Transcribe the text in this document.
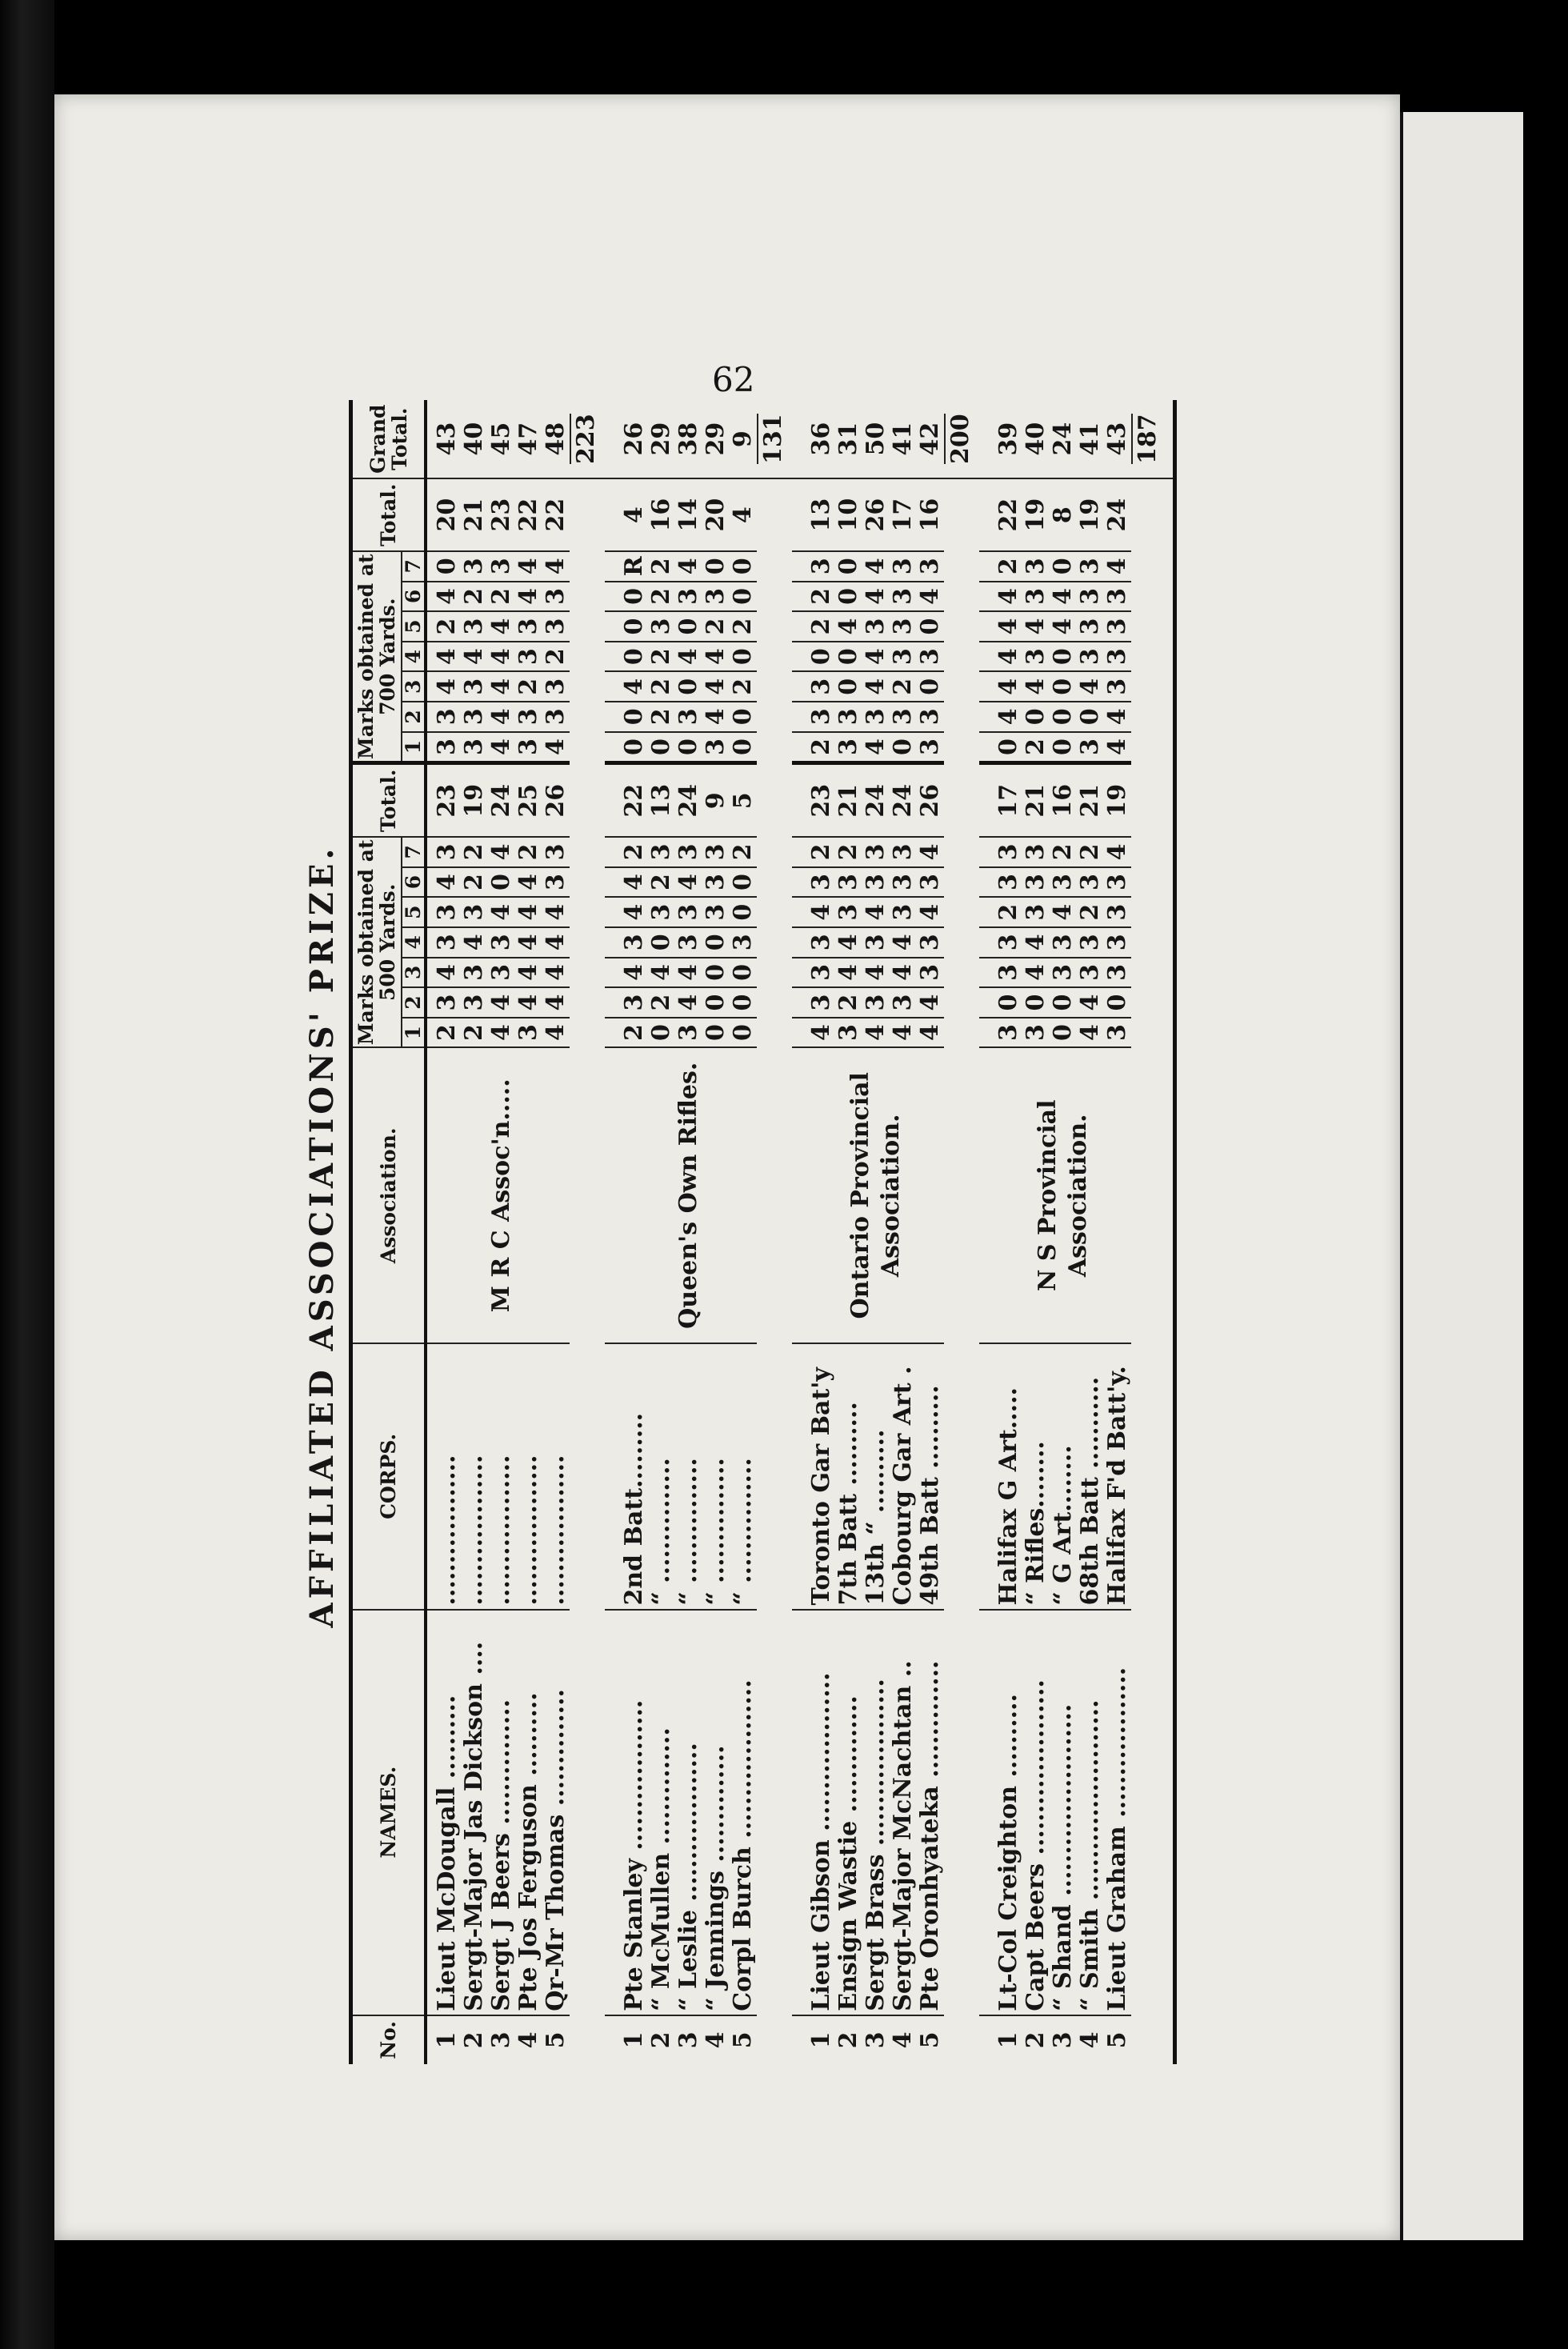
62
AFFILIATED ASSOCIATIONS' PRIZE.
No.	NAMES.	CORPS.	Association.	Marks obtained at 500 Yards.							Total.	Marks obtained at 700 Yards.							Total.	Grand Total.
				1	2	3	4	5	6	7		1	2	3	4	5	6	7		
1	Lieut McDougall ..........	..................	M R C Assoc'n.....	2	3	4	3	3	4	3	23	3	3	4	4	2	4	0	20	43
2	Sergt-Major Jas Dickson ....	..................		2	3	3	4	3	2	2	19	3	3	3	4	3	2	3	21	40
3	Sergt J Beers ...............	..................		4	4	3	3	4	0	4	24	4	4	4	4	4	2	3	23	45
4	Pte Jos Ferguson ..........	..................		3	4	4	4	4	4	2	25	3	3	2	3	3	4	4	22	47
5	Qr-Mr Thomas ..............	..................		4	4	4	4	4	3	3	26	4	3	3	2	3	3	4	22	48
																				223
1	Pte Stanley ..................	2nd Batt.........	Queen's Own Rifles.	2	3	4	3	4	4	2	22	0	0	4	0	0	0	R	4	26
2	“ McMullen ..............	“ ...............		0	2	4	0	3	2	3	13	0	2	2	2	3	2	2	16	29
3	“ Leslie ...................	“ ...............		3	4	4	3	3	4	3	24	0	3	0	4	0	3	4	14	38
4	“ Jennings ..............	“ ...............		0	0	0	0	3	3	3	9	3	4	4	4	2	3	0	20	29
5	Corpl Burch ...................	“ ...............		0	0	0	3	0	0	2	5	0	0	2	0	2	0	0	4	9
																				131
1	Lieut Gibson ...................	Toronto Gar Bat'y	Ontario Provincial Association.	4	3	3	3	4	3	2	23	2	3	3	0	2	2	3	13	36
2	Ensign Wastie ..............	7th Batt ..........		3	2	4	4	3	3	2	21	3	3	0	0	4	0	0	10	31
3	Sergt Brass ....................	13th “ ..........		4	3	4	3	4	3	3	24	4	3	4	4	3	4	4	26	50
4	Sergt-Major McNachtan ..	Cobourg Gar Art .		4	3	4	4	3	3	3	24	0	3	2	3	3	3	3	17	41
5	Pte Oronhyateka ..............	49th Batt ..........		4	4	3	3	4	3	4	26	3	3	0	3	0	4	3	16	42
																				200
1	Lt-Col Creighton ..........	Halifax G Art.....	N S Provincial Association.	3	0	3	3	2	3	3	17	0	4	4	4	4	4	2	22	39
2	Capt Beers .....................	“ Rifles........		3	0	4	4	3	3	3	21	2	0	4	3	4	3	3	19	40
3	“ Shand .......................	“ G Art........		0	0	3	3	4	3	2	16	0	0	0	0	4	4	0	8	24
4	“ Smith ........................	68th Batt ...........		4	4	3	3	2	3	2	21	3	0	4	3	3	3	3	19	41
5	Lieut Graham ..................	Halifax F'd Batt'y.		3	0	3	3	3	3	4	19	4	4	3	3	3	3	4	24	43
																				187
